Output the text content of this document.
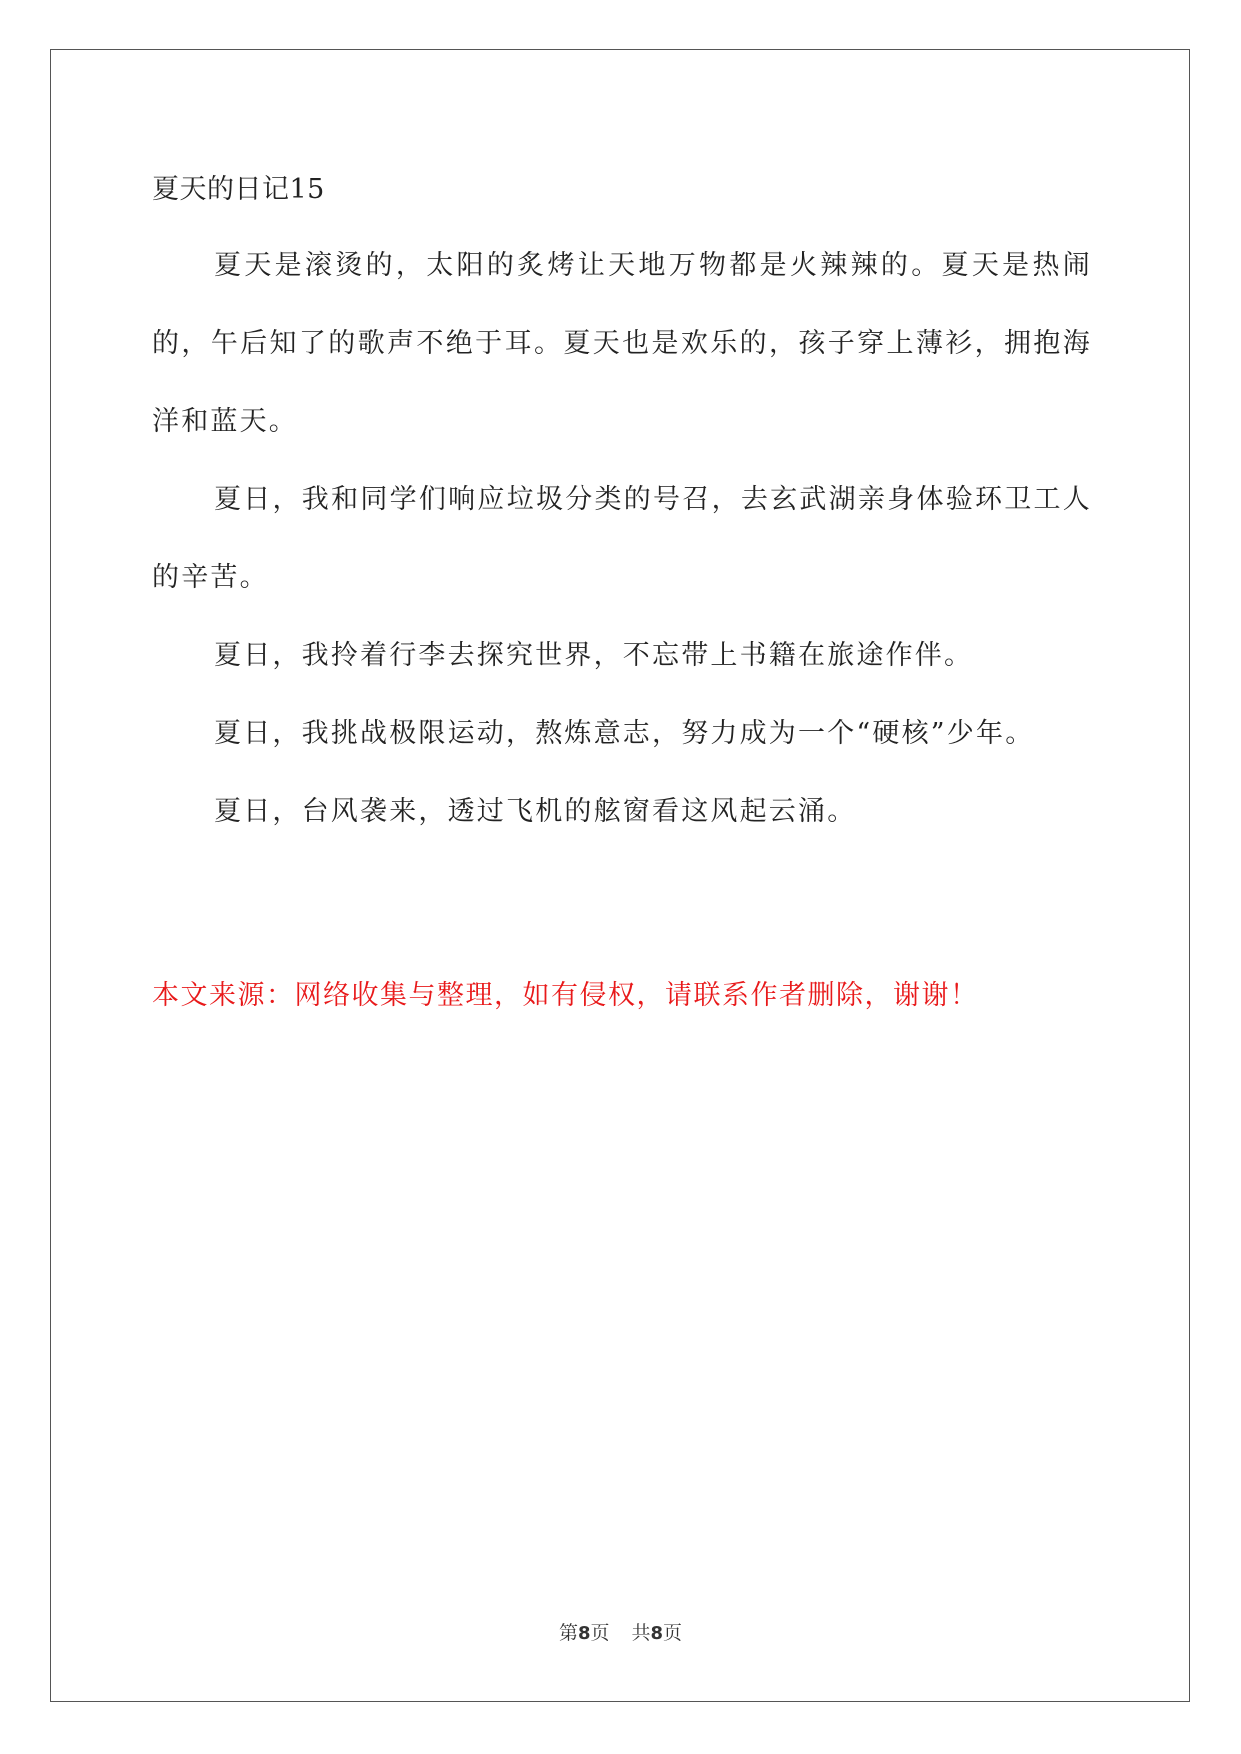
夏天的日记15

夏天是滚烫的，太阳的炙烤让天地万物都是火辣辣的。夏天是热闹的，午后知了的歌声不绝于耳。夏天也是欢乐的，孩子穿上薄衫，拥抱海洋和蓝天。

夏日，我和同学们响应垃圾分类的号召，去玄武湖亲身体验环卫工人的辛苦。

夏日，我拎着行李去探究世界，不忘带上书籍在旅途作伴。

夏日，我挑战极限运动，熬炼意志，努力成为一个“硬核”少年。

夏日，台风袭来，透过飞机的舷窗看这风起云涌。

本文来源：网络收集与整理，如有侵权，请联系作者删除，谢谢！
第8页 共8页
